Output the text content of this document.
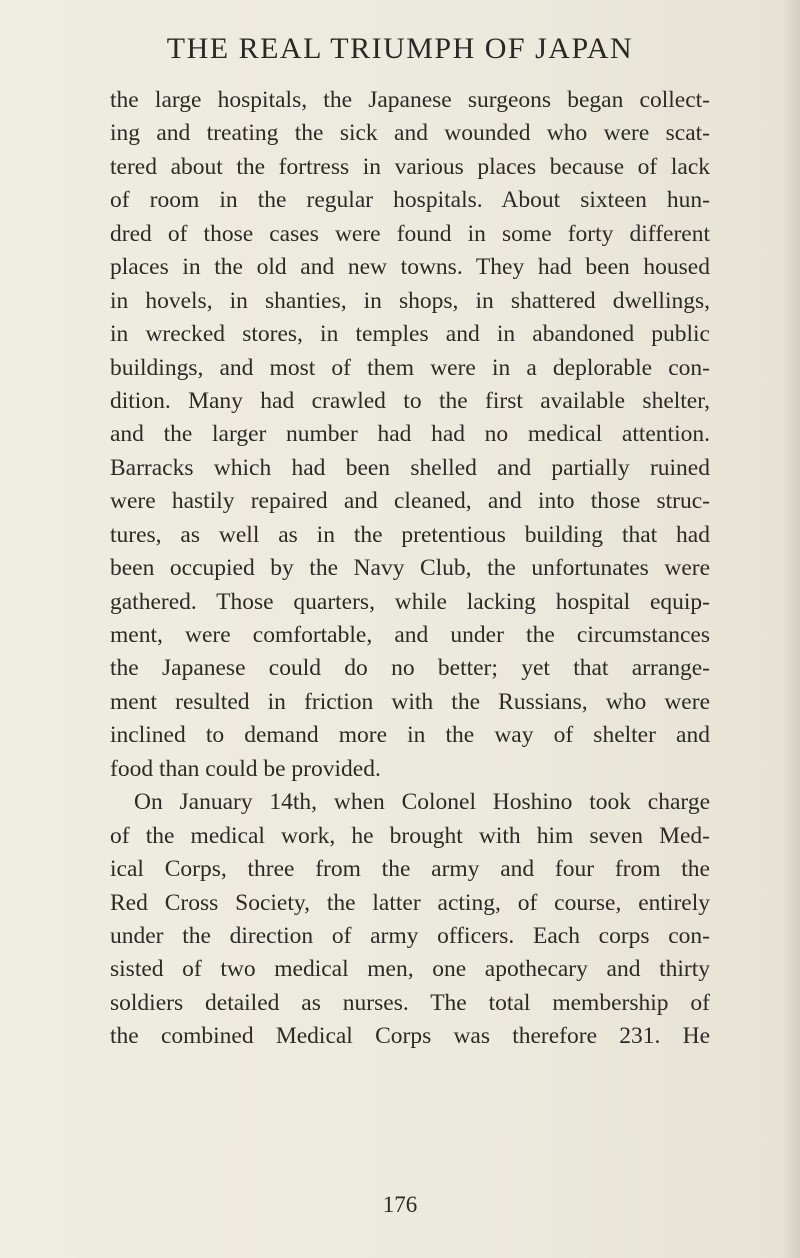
THE REAL TRIUMPH OF JAPAN
the large hospitals, the Japanese surgeons began collect-
ing and treating the sick and wounded who were scat-
tered about the fortress in various places because of lack
of room in the regular hospitals. About sixteen hun-
dred of those cases were found in some forty different
places in the old and new towns. They had been housed
in hovels, in shanties, in shops, in shattered dwellings,
in wrecked stores, in temples and in abandoned public
buildings, and most of them were in a deplorable con-
dition. Many had crawled to the first available shelter,
and the larger number had had no medical attention.
Barracks which had been shelled and partially ruined
were hastily repaired and cleaned, and into those struc-
tures, as well as in the pretentious building that had
been occupied by the Navy Club, the unfortunates were
gathered. Those quarters, while lacking hospital equip-
ment, were comfortable, and under the circumstances
the Japanese could do no better; yet that arrange-
ment resulted in friction with the Russians, who were
inclined to demand more in the way of shelter and
food than could be provided.
On January 14th, when Colonel Hoshino took charge
of the medical work, he brought with him seven Med-
ical Corps, three from the army and four from the
Red Cross Society, the latter acting, of course, entirely
under the direction of army officers. Each corps con-
sisted of two medical men, one apothecary and thirty
soldiers detailed as nurses. The total membership of
the combined Medical Corps was therefore 231. He
176
